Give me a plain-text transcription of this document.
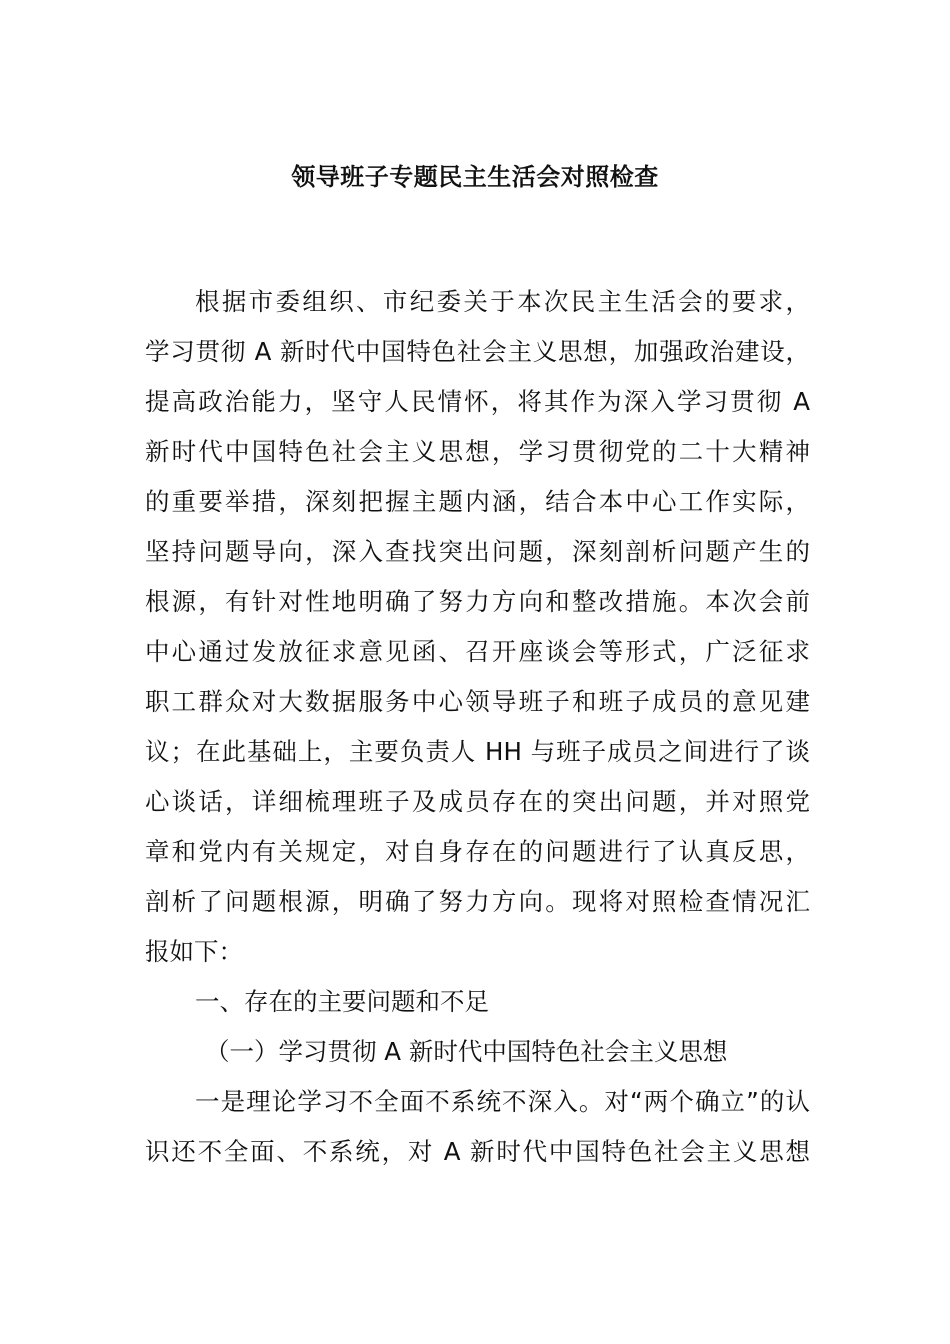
领导班子专题民主生活会对照检查
根据市委组织、市纪委关于本次民主生活会的要求，
学习贯彻 A 新时代中国特色社会主义思想，加强政治建设，
提高政治能力，坚守人民情怀，将其作为深入学习贯彻 A
新时代中国特色社会主义思想，学习贯彻党的二十大精神
的重要举措，深刻把握主题内涵，结合本中心工作实际，
坚持问题导向，深入查找突出问题，深刻剖析问题产生的
根源，有针对性地明确了努力方向和整改措施。本次会前
中心通过发放征求意见函、召开座谈会等形式，广泛征求
职工群众对大数据服务中心领导班子和班子成员的意见建
议；在此基础上，主要负责人 HH 与班子成员之间进行了谈
心谈话，详细梳理班子及成员存在的突出问题，并对照党
章和党内有关规定，对自身存在的问题进行了认真反思，
剖析了问题根源，明确了努力方向。现将对照检查情况汇
报如下：
一、存在的主要问题和不足
（一）学习贯彻 A 新时代中国特色社会主义思想
一是理论学习不全面不系统不深入。对“两个确立”的认
识还不全面、不系统，对 A 新时代中国特色社会主义思想
